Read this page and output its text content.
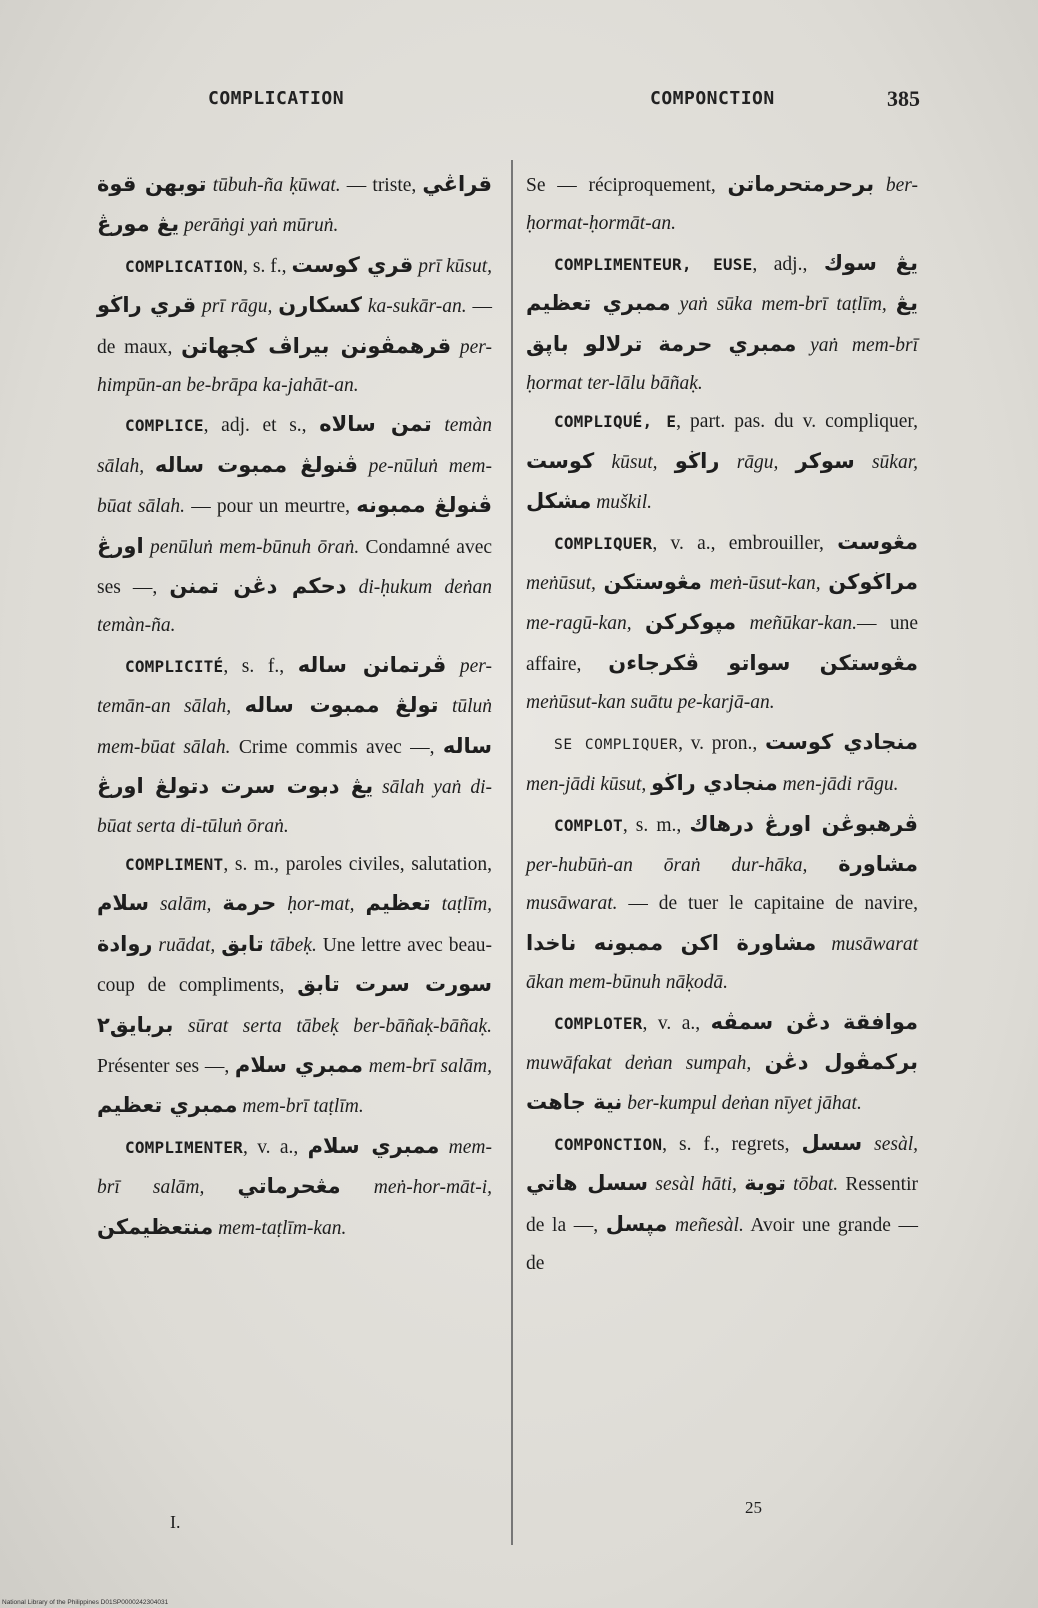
COMPLICATION	COMPONCTION	385

توبهن قوة tūbuh-ña ḳūwat. — triste, قراڠي يڠ مورڠ perāṅgi yaṅ mūruṅ.

COMPLICATION, s. f., قري كوست prī kūsut, قري راڬو prī rāgu, كسكارن ka-sukār-an. — de maux, قرهمڤونن بيراڤ كجهاتن per-himpūn-an be-brāpa ka-jahāt-an.

COMPLICE, adj. et s., تمن سالاه temàn sālah, ڤنولڠ ممبوت ساله pe-nūluṅ mem-būat sālah. — pour un meurtre, ڤنولڠ ممبونه اورڠ penūluṅ mem-būnuh ōraṅ. Condamné avec ses —, دحكم دڠن تمنن di-ḥukum deṅan temàn-ña.

COMPLICITÉ, s. f., ڤرتمانن ساله per-temān-an sālah, تولڠ ممبوت ساله tūluṅ mem-būat sālah. Crime commis avec —, ساله يڠ دبوت سرت دتولڠ اورڠ sālah yaṅ di-būat serta di-tūluṅ ōraṅ.

COMPLIMENT, s. m., paroles civiles, salutation, سلام salām, حرمة ḥor-mat, تعظيم taṭlīm, روادة ruādat, تابق tābeḳ. Une lettre avec beau-coup de compliments, سورت سرت تابق بربايق٢ sūrat serta tābeḳ ber-bāñaḳ-bāñaḳ. Présenter ses —, ممبري سلام mem-brī salām, ممبري تعظيم mem-brī taṭlīm.

COMPLIMENTER, v. a., ممبري سلام mem-brī salām, مڠحرماتي meṅ-hor-māt-i, منتعظيمكن mem-taṭlīm-kan.

Se — réciproquement, برحرمتحرماتن ber-ḥormat-ḥormāt-an.

COMPLIMENTEUR, EUSE, adj., يڠ سوك ممبري تعظيم yaṅ sūka mem-brī taṭlīm, يڠ ممبري حرمة ترلالو باپق yaṅ mem-brī ḥormat ter-lālu bāñaḳ.

COMPLIQUÉ, E, part. pas. du v. compliquer, كوست kūsut, راڬو rāgu, سوكر sūkar, مشكل muškil.

COMPLIQUER, v. a., embrouiller, مڠوست meṅūsut, مڠوستكن meṅ-ūsut-kan, مراڬوكن me-ragū-kan, مپوكركن meñūkar-kan.— une affaire, مڠوستكن سواتو ڤكرجاءن meṅūsut-kan suātu pe-karjā-an.

SE COMPLIQUER, v. pron., منجادي كوست men-jādi kūsut, منجادي راڬو men-jādi rāgu.

COMPLOT, s. m., ڤرهبوڠن اورڠ درهاك per-hubūṅ-an ōraṅ dur-hāka, مشاورة musāwarat. — de tuer le capitaine de navire, مشاورة اكن ممبونه ناخدا musāwarat ākan mem-būnuh nāḳodā.

COMPLOTER, v. a., موافقة دڠن سمڤه muwāfakat deṅan sumpah, بركمڤول دڠن نية جاهت ber-kumpul deṅan nīyet jāhat.

COMPONCTION, s. f., regrets, سسل sesàl, سسل هاتي sesàl hāti, توبة tōbat. Ressentir de la —, مپسل meñesàl. Avoir une grande — de

I.
25
National Library of the Philippines D01SP0000242304031
